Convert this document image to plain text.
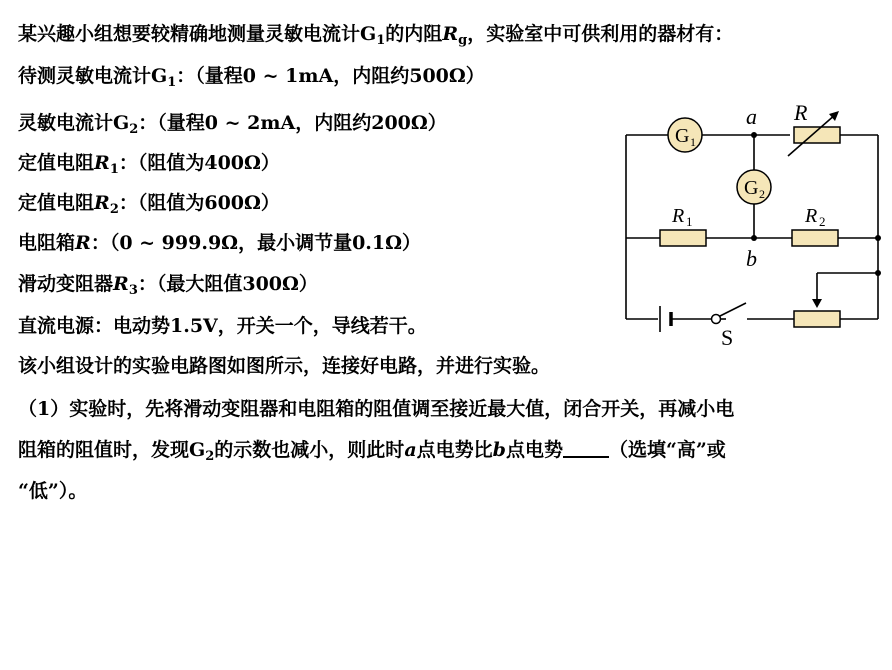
某兴趣小组想要较精确地测量灵敏电流计$G_1$的内阻$R_g$，实验室中可供利用的器材有：
待测灵敏电流计$G_1$：（量程0 ~ 1mA，内阻约500Ω）
灵敏电流计$G_2$：（量程0 ~ 2mA，内阻约200Ω）
定值电阻$R_1$：（阻值为400Ω）
定值电阻$R_2$：（阻值为600Ω）
电阻箱R：（0 ~ 999.9Ω，最小调节量0.1Ω）
滑动变阻器$R_3$：（最大阻值300Ω）
直流电源：电动势1.5V，开关一个，导线若干。
该小组设计的实验电路图如图所示，连接好电路，并进行实验。
（1）实验时，先将滑动变阻器和电阻箱的阻值调至接近最大值，闭合开关，再减小电
阻箱的阻值时，发现$G_2$的示数也减小，则此时a点电势比b点电势 （选填“高”或
“低”）。
G 1
G 2
a
b
R
R 1	R 2
S
